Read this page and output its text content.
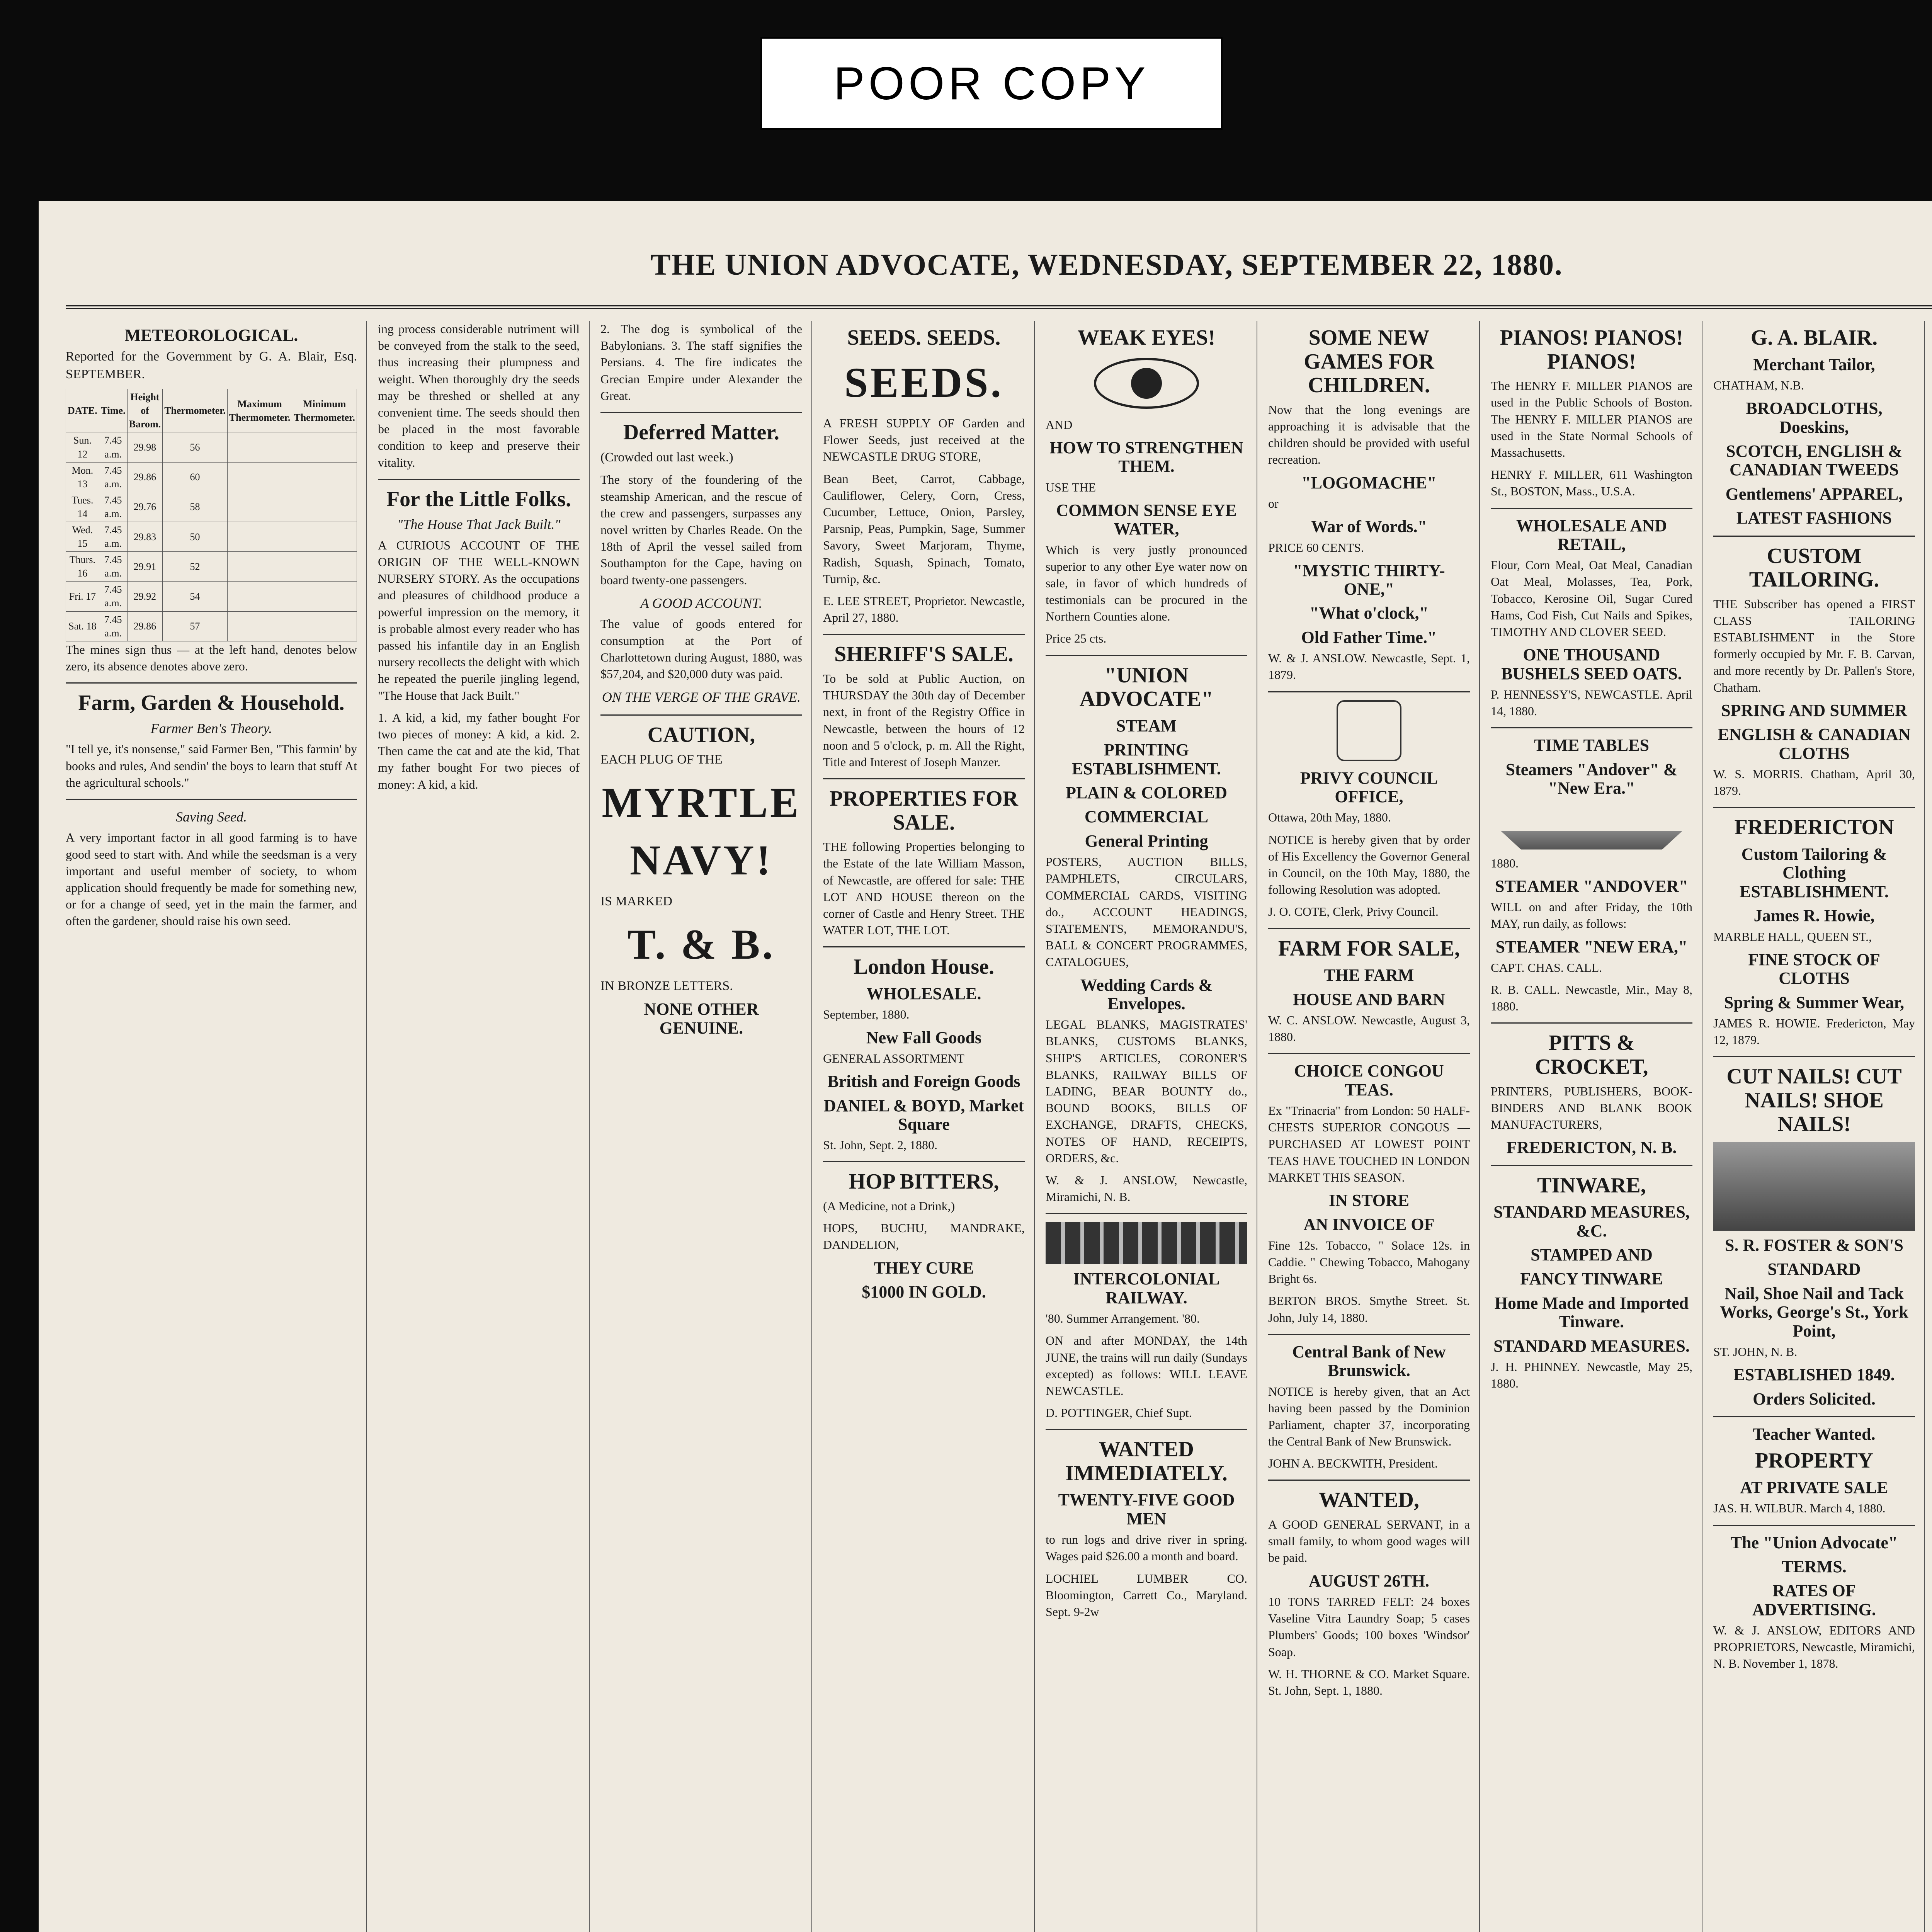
POOR COPY
THE UNION ADVOCATE, WEDNESDAY, SEPTEMBER 22, 1880.
METEOROLOGICAL.

Reported for the Government by G. A. Blair, Esq. SEPTEMBER.

DATE.	Time.	Height of Barom.	Thermometer.	Maximum Thermometer.	Minimum Thermometer.
Sun. 12	7.45 a.m.	29.98	56		
Mon. 13	7.45 a.m.	29.86	60		
Tues. 14	7.45 a.m.	29.76	58		
Wed. 15	7.45 a.m.	29.83	50		
Thurs. 16	7.45 a.m.	29.91	52		
Fri. 17	7.45 a.m.	29.92	54		
Sat. 18	7.45 a.m.	29.86	57		

The mines sign thus — at the left hand, denotes below zero, its absence denotes above zero.

Farm, Garden & Household.
Farmer Ben's Theory.

"I tell ye, it's nonsense," said Farmer Ben, "This farmin' by books and rules, And sendin' the boys to learn that stuff At the agricultural schools."

Saving Seed.

A very important factor in all good farming is to have good seed to start with. And while the seedsman is a very important and useful member of society, to whom application should frequently be made for something new, or for a change of seed, yet in the main the farmer, and often the gardener, should raise his own seed.

ing process considerable nutriment will be conveyed from the stalk to the seed, thus increasing their plumpness and weight. When thoroughly dry the seeds may be threshed or shelled at any convenient time. The seeds should then be placed in the most favorable condition to keep and preserve their vitality.

For the Little Folks.
"The House That Jack Built."

A CURIOUS ACCOUNT OF THE ORIGIN OF THE WELL-KNOWN NURSERY STORY. As the occupations and pleasures of childhood produce a powerful impression on the memory, it is probable almost every reader who has passed his infantile day in an English nursery recollects the delight with which he repeated the puerile jingling legend, "The House that Jack Built."

1. A kid, a kid, my father bought For two pieces of money: A kid, a kid. 2. Then came the cat and ate the kid, That my father bought For two pieces of money: A kid, a kid.

2. The dog is symbolical of the Babylonians. 3. The staff signifies the Persians. 4. The fire indicates the Grecian Empire under Alexander the Great.

Deferred Matter.

(Crowded out last week.)

The story of the foundering of the steamship American, and the rescue of the crew and passengers, surpasses any novel written by Charles Reade. On the 18th of April the vessel sailed from Southampton for the Cape, having on board twenty-one passengers.

A GOOD ACCOUNT.

The value of goods entered for consumption at the Port of Charlottetown during August, 1880, was $57,204, and $20,000 duty was paid.

ON THE VERGE OF THE GRAVE.
CAUTION,

EACH PLUG OF THE

MYRTLE NAVY!

IS MARKED

T. & B.

IN BRONZE LETTERS.

NONE OTHER GENUINE.
SEEDS. SEEDS.
SEEDS.

A FRESH SUPPLY OF Garden and Flower Seeds, just received at the NEWCASTLE DRUG STORE,

Bean Beet, Carrot, Cabbage, Cauliflower, Celery, Corn, Cress, Cucumber, Lettuce, Onion, Parsley, Parsnip, Peas, Pumpkin, Sage, Summer Savory, Sweet Marjoram, Thyme, Radish, Squash, Spinach, Tomato, Turnip, &c.

E. LEE STREET, Proprietor. Newcastle, April 27, 1880.

SHERIFF'S SALE.

To be sold at Public Auction, on THURSDAY the 30th day of December next, in front of the Registry Office in Newcastle, between the hours of 12 noon and 5 o'clock, p. m. All the Right, Title and Interest of Joseph Manzer.

PROPERTIES FOR SALE.

THE following Properties belonging to the Estate of the late William Masson, of Newcastle, are offered for sale: THE LOT AND HOUSE thereon on the corner of Castle and Henry Street. THE WATER LOT, THE LOT.

London House.
WHOLESALE.

September, 1880.

New Fall Goods

GENERAL ASSORTMENT

British and Foreign Goods
DANIEL & BOYD, Market Square

St. John, Sept. 2, 1880.

HOP BITTERS,

(A Medicine, not a Drink,)

HOPS, BUCHU, MANDRAKE, DANDELION,

THEY CURE
$1000 IN GOLD.
WEAK EYES!

AND

HOW TO STRENGTHEN THEM.

USE THE

COMMON SENSE EYE WATER,

Which is very justly pronounced superior to any other Eye water now on sale, in favor of which hundreds of testimonials can be procured in the Northern Counties alone.

Price 25 cts.

"UNION ADVOCATE"
STEAM
PRINTING ESTABLISHMENT.
PLAIN & COLORED
COMMERCIAL
General Printing

POSTERS, AUCTION BILLS, PAMPHLETS, CIRCULARS, COMMERCIAL CARDS, VISITING do., ACCOUNT HEADINGS, STATEMENTS, MEMORANDU'S, BALL & CONCERT PROGRAMMES, CATALOGUES,

Wedding Cards & Envelopes.

LEGAL BLANKS, MAGISTRATES' BLANKS, CUSTOMS BLANKS, SHIP'S ARTICLES, CORONER'S BLANKS, RAILWAY BILLS OF LADING, BEAR BOUNTY do., BOUND BOOKS, BILLS OF EXCHANGE, DRAFTS, CHECKS, NOTES OF HAND, RECEIPTS, ORDERS, &c.

W. & J. ANSLOW, Newcastle, Miramichi, N. B.

INTERCOLONIAL RAILWAY.

'80. Summer Arrangement. '80.

ON and after MONDAY, the 14th JUNE, the trains will run daily (Sundays excepted) as follows: WILL LEAVE NEWCASTLE.

D. POTTINGER, Chief Supt.

WANTED IMMEDIATELY.
TWENTY-FIVE GOOD MEN

to run logs and drive river in spring. Wages paid $26.00 a month and board.

LOCHIEL LUMBER CO. Bloomington, Carrett Co., Maryland. Sept. 9-2w

SOME NEW GAMES FOR CHILDREN.

Now that the long evenings are approaching it is advisable that the children should be provided with useful recreation.

"LOGOMACHE"

or

War of Words."

PRICE 60 CENTS.

"MYSTIC THIRTY-ONE,"
"What o'clock,"
Old Father Time."

W. & J. ANSLOW. Newcastle, Sept. 1, 1879.

PRIVY COUNCIL OFFICE,

Ottawa, 20th May, 1880.

NOTICE is hereby given that by order of His Excellency the Governor General in Council, on the 10th May, 1880, the following Resolution was adopted.

J. O. COTE, Clerk, Privy Council.

FARM FOR SALE,
THE FARM
HOUSE AND BARN

W. C. ANSLOW. Newcastle, August 3, 1880.

CHOICE CONGOU TEAS.

Ex "Trinacria" from London: 50 HALF-CHESTS SUPERIOR CONGOUS — PURCHASED AT LOWEST POINT TEAS HAVE TOUCHED IN LONDON MARKET THIS SEASON.

IN STORE
AN INVOICE OF

Fine 12s. Tobacco, " Solace 12s. in Caddie. " Chewing Tobacco, Mahogany Bright 6s.

BERTON BROS. Smythe Street. St. John, July 14, 1880.

Central Bank of New Brunswick.

NOTICE is hereby given, that an Act having been passed by the Dominion Parliament, chapter 37, incorporating the Central Bank of New Brunswick.

JOHN A. BECKWITH, President.

WANTED,

A GOOD GENERAL SERVANT, in a small family, to whom good wages will be paid.

AUGUST 26TH.

10 TONS TARRED FELT: 24 boxes Vaseline Vitra Laundry Soap; 5 cases Plumbers' Goods; 100 boxes 'Windsor' Soap.

W. H. THORNE & CO. Market Square. St. John, Sept. 1, 1880.

PIANOS! PIANOS! PIANOS!

The HENRY F. MILLER PIANOS are used in the Public Schools of Boston. The HENRY F. MILLER PIANOS are used in the State Normal Schools of Massachusetts.

HENRY F. MILLER, 611 Washington St., BOSTON, Mass., U.S.A.

WHOLESALE AND RETAIL,

Flour, Corn Meal, Oat Meal, Canadian Oat Meal, Molasses, Tea, Pork, Tobacco, Kerosine Oil, Sugar Cured Hams, Cod Fish, Cut Nails and Spikes, TIMOTHY AND CLOVER SEED.

ONE THOUSAND BUSHELS SEED OATS.

P. HENNESSY'S, NEWCASTLE. April 14, 1880.

TIME TABLES
Steamers "Andover" & "New Era."

1880.

STEAMER "ANDOVER"

WILL on and after Friday, the 10th MAY, run daily, as follows:

STEAMER "NEW ERA,"

CAPT. CHAS. CALL.

R. B. CALL. Newcastle, Mir., May 8, 1880.

PITTS & CROCKET,

PRINTERS, PUBLISHERS, BOOK-BINDERS AND BLANK BOOK MANUFACTURERS,

FREDERICTON, N. B.
TINWARE,
STANDARD MEASURES, &C.
STAMPED AND
FANCY TINWARE
Home Made and Imported Tinware.
STANDARD MEASURES.

J. H. PHINNEY. Newcastle, May 25, 1880.

G. A. BLAIR.
Merchant Tailor,

CHATHAM, N.B.

BROADCLOTHS, Doeskins,
SCOTCH, ENGLISH & CANADIAN TWEEDS
Gentlemens' APPAREL,
LATEST FASHIONS
CUSTOM TAILORING.

THE Subscriber has opened a FIRST CLASS TAILORING ESTABLISHMENT in the Store formerly occupied by Mr. F. B. Carvan, and more recently by Dr. Pallen's Store, Chatham.

SPRING AND SUMMER
ENGLISH & CANADIAN CLOTHS

W. S. MORRIS. Chatham, April 30, 1879.

FREDERICTON
Custom Tailoring & Clothing ESTABLISHMENT.
James R. Howie,

MARBLE HALL, QUEEN ST.,

FINE STOCK OF CLOTHS
Spring & Summer Wear,

JAMES R. HOWIE. Fredericton, May 12, 1879.

CUT NAILS! CUT NAILS! SHOE NAILS!
S. R. FOSTER & SON'S
STANDARD
Nail, Shoe Nail and Tack Works, George's St., York Point,

ST. JOHN, N. B.

ESTABLISHED 1849.
Orders Solicited.
Teacher Wanted.
PROPERTY
AT PRIVATE SALE

JAS. H. WILBUR. March 4, 1880.

The "Union Advocate"
TERMS.
RATES OF ADVERTISING.

W. & J. ANSLOW, EDITORS AND PROPRIETORS, Newcastle, Miramichi, N. B. November 1, 1878.
